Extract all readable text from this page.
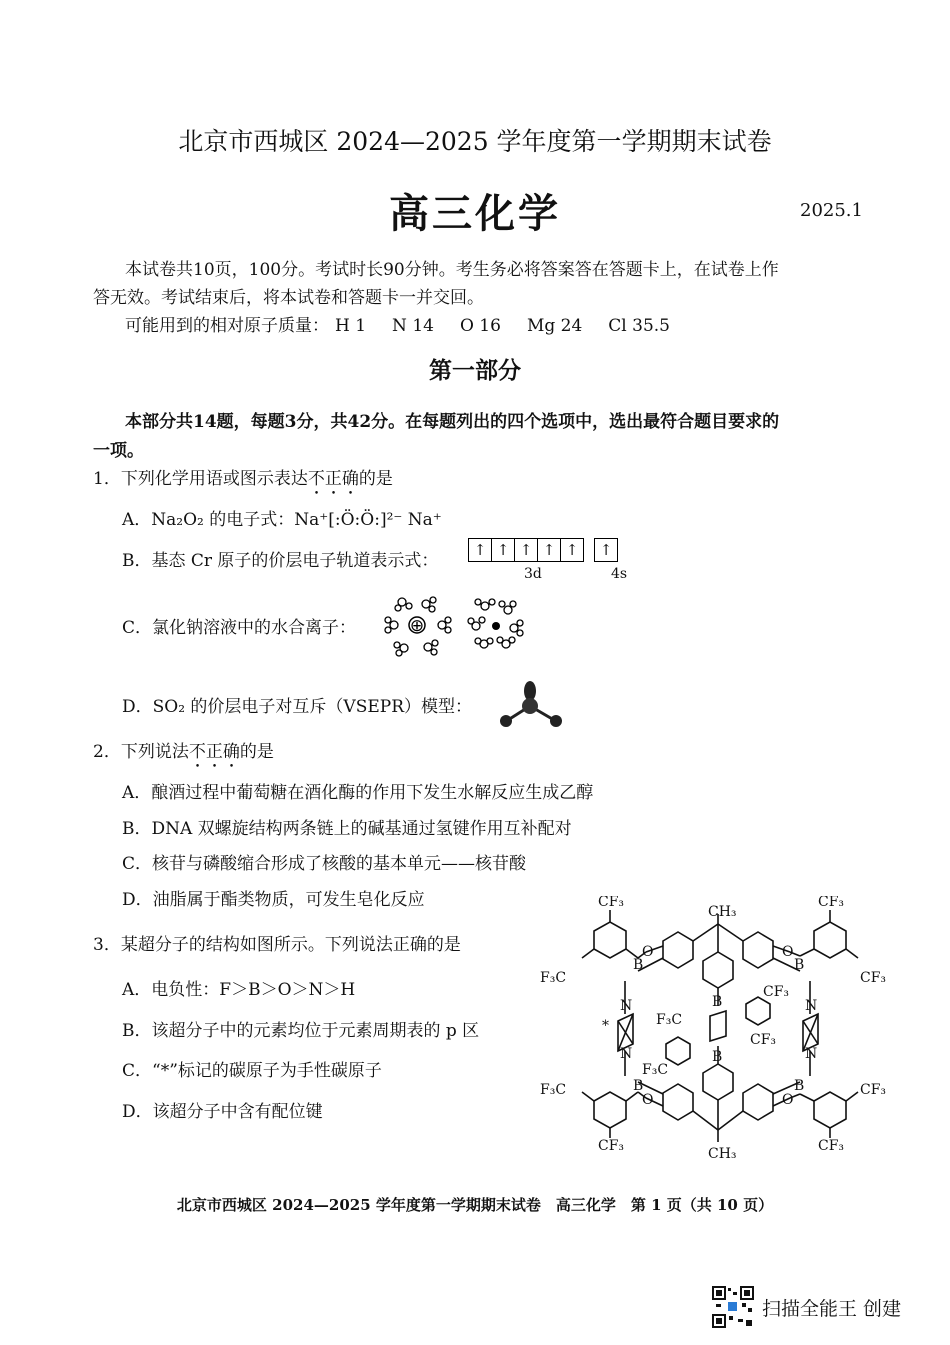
北京市西城区 2024—2025 学年度第一学期期末试卷
高三化学	2025.1
本试卷共10页，100分。考试时长90分钟。考生务必将答案答在答题卡上，在试卷上作
答无效。考试结束后，将本试卷和答题卡一并交回。
可能用到的相对原子质量： H 1 N 14 O 16 Mg 24 Cl 35.5
第一部分
本部分共14题，每题3分，共42分。在每题列出的四个选项中，选出最符合题目要求的
一项。
1．下列化学用语或图示表达不正确的是
A．Na₂O₂ 的电子式：Na⁺[:Ö:Ö:]²⁻ Na⁺
B．基态 Cr 原子的价层电子轨道表示式：
↑ ↑ ↑ ↑ ↑ ↑
3d	4s
C．氯化钠溶液中的水合离子：	⊕
D．SO₂ 的价层电子对互斥（VSEPR）模型：
2．下列说法不正确的是
A．酿酒过程中葡萄糖在酒化酶的作用下发生水解反应生成乙醇
B．DNA 双螺旋结构两条链上的碱基通过氢键作用互补配对
C．核苷与磷酸缩合形成了核酸的基本单元——核苷酸
D．油脂属于酯类物质，可发生皂化反应
3．某超分子的结构如图所示。下列说法正确的是
A．电负性：F＞B＞O＞N＞H
B．该超分子中的元素均位于元素周期表的 p 区
C．“*”标记的碳原子为手性碳原子
D．该超分子中含有配位键
CF₃	CF₃
F₃C	CF₃
F₃C	CF₃
CF₃	CF₃
CH₃
CH₃
CF₃
CF₃
F₃C
F₃C
B	B
B
B
B	B
O	O
O	O
N
N
N
N
*
北京市西城区 2024—2025 学年度第一学期期末试卷　高三化学　第 1 页（共 10 页）
扫描全能王 创建
